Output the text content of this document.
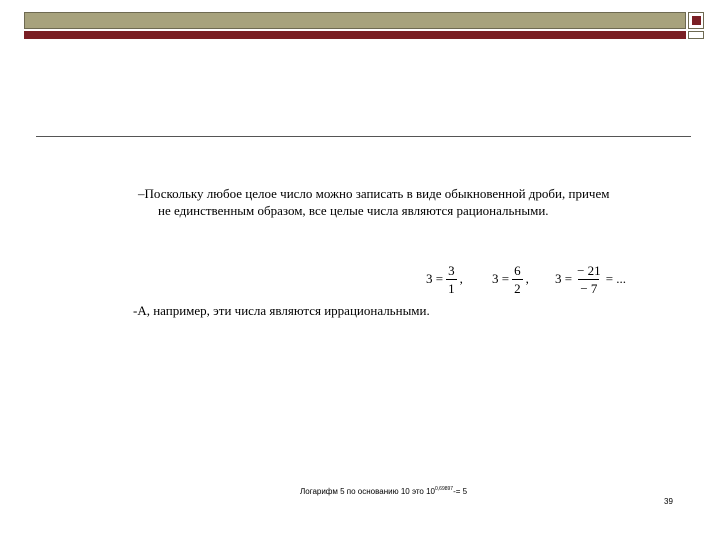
–Поскольку любое целое число можно записать в виде обыкновенной дроби, причем
не единственным образом, все целые числа являются рациональными.
$3 = \frac{3}{1}$ , $3 = \frac{6}{2}$ , $3 = \frac{- 21}{- 7}$ = ...
-А, например, эти числа являются иррациональными.
Логарифм 5 по основанию 10 это $10^{0,69897}-= 5$
39
